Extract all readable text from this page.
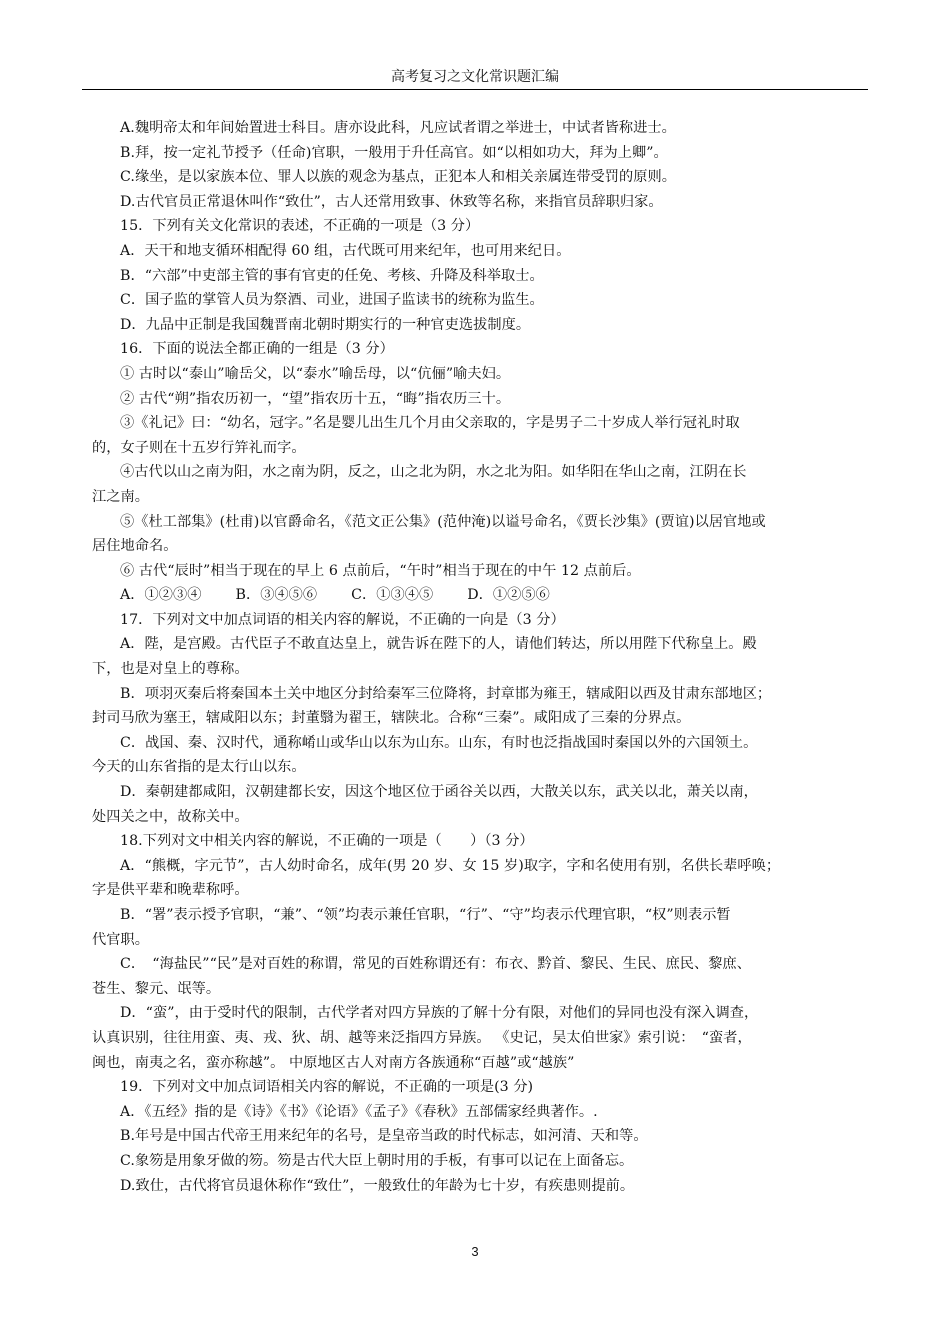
高考复习之文化常识题汇编
A.魏明帝太和年间始置进士科目。唐亦设此科，凡应试者谓之举进士，中试者皆称进士。
B.拜，按一定礼节授予（任命)官职，一般用于升任高官。如“以相如功大，拜为上卿”。
C.缘坐，是以家族本位、罪人以族的观念为基点，正犯本人和相关亲属连带受罚的原则。
D.古代官员正常退休叫作“致仕”，古人还常用致事、休致等名称，来指官员辞职归家。
15．下列有关文化常识的表述，不正确的一项是（3 分）
A．天干和地支循环相配得 60 组，古代既可用来纪年，也可用来纪日。
B．“六部”中吏部主管的事有官吏的任免、考核、升降及科举取士。
C．国子监的掌管人员为祭酒、司业，进国子监读书的统称为监生。
D．九品中正制是我国魏晋南北朝时期实行的一种官吏选拔制度。
16．下面的说法全都正确的一组是（3 分）
① 古时以“泰山”喻岳父，以“泰水”喻岳母，以“伉俪”喻夫妇。
② 古代“朔”指农历初一，“望”指农历十五，“晦”指农历三十。
③《礼记》曰：“幼名，冠字。”名是婴儿出生几个月由父亲取的，字是男子二十岁成人举行冠礼时取
的，女子则在十五岁行笄礼而字。
④古代以山之南为阳，水之南为阴，反之，山之北为阴，水之北为阳。如华阳在华山之南，江阴在长
江之南。
⑤《杜工部集》(杜甫)以官爵命名，《范文正公集》(范仲淹)以谥号命名，《贾长沙集》(贾谊)以居官地或
居住地命名。
⑥ 古代“辰时”相当于现在的早上 6 点前后，“午时”相当于现在的中午 12 点前后。
A．①②③④ B．③④⑤⑥ C．①③④⑤ D．①②⑤⑥
17．下列对文中加点词语的相关内容的解说，不正确的一向是（3 分）
A．陛，是宫殿。古代臣子不敢直达皇上，就告诉在陛下的人，请他们转达，所以用陛下代称皇上。殿
下，也是对皇上的尊称。
B．项羽灭秦后将秦国本土关中地区分封给秦军三位降将，封章邯为雍王，辖咸阳以西及甘肃东部地区；
封司马欣为塞王，辖咸阳以东；封董翳为翟王，辖陕北。合称“三秦”。咸阳成了三秦的分界点。
C．战国、秦、汉时代，通称崤山或华山以东为山东。山东，有时也泛指战国时秦国以外的六国领土。
今天的山东省指的是太行山以东。
D．秦朝建都咸阳，汉朝建都长安，因这个地区位于函谷关以西，大散关以东，武关以北，萧关以南，
处四关之中，故称关中。
18.下列对文中相关内容的解说，不正确的一项是（　　）（3 分）
A．“熊概，字元节”，古人幼时命名，成年(男 20 岁、女 15 岁)取字，字和名使用有别，名供长辈呼唤；
字是供平辈和晚辈称呼。
B．“署”表示授予官职，“兼”、“领”均表示兼任官职，“行”、“守”均表示代理官职，“权”则表示暂
代官职。
C．　“海盐民”“民”是对百姓的称谓，常见的百姓称谓还有：布衣、黔首、黎民、生民、庶民、黎庶、
苍生、黎元、氓等。
D．“蛮”，由于受时代的限制，古代学者对四方异族的了解十分有限，对他们的异同也没有深入调查，
认真识别，往往用蛮、夷、戎、狄、胡、越等来泛指四方异族。 《史记，吴太伯世家》索引说：　“蛮者，
闽也，南夷之名，蛮亦称越”。 中原地区古人对南方各族通称“百越”或“越族”
19．下列对文中加点词语相关内容的解说，不正确的一项是(3 分)
A．《五经》指的是《诗》《书》《论语》《孟子》《春秋》五部儒家经典著作。.
B.年号是中国古代帝王用来纪年的名号，是皇帝当政的时代标志，如河清、天和等。
C.象笏是用象牙做的笏。笏是古代大臣上朝时用的手板，有事可以记在上面备忘。
D.致仕，古代将官员退休称作“致仕”，一般致仕的年龄为七十岁，有疾患则提前。
3
